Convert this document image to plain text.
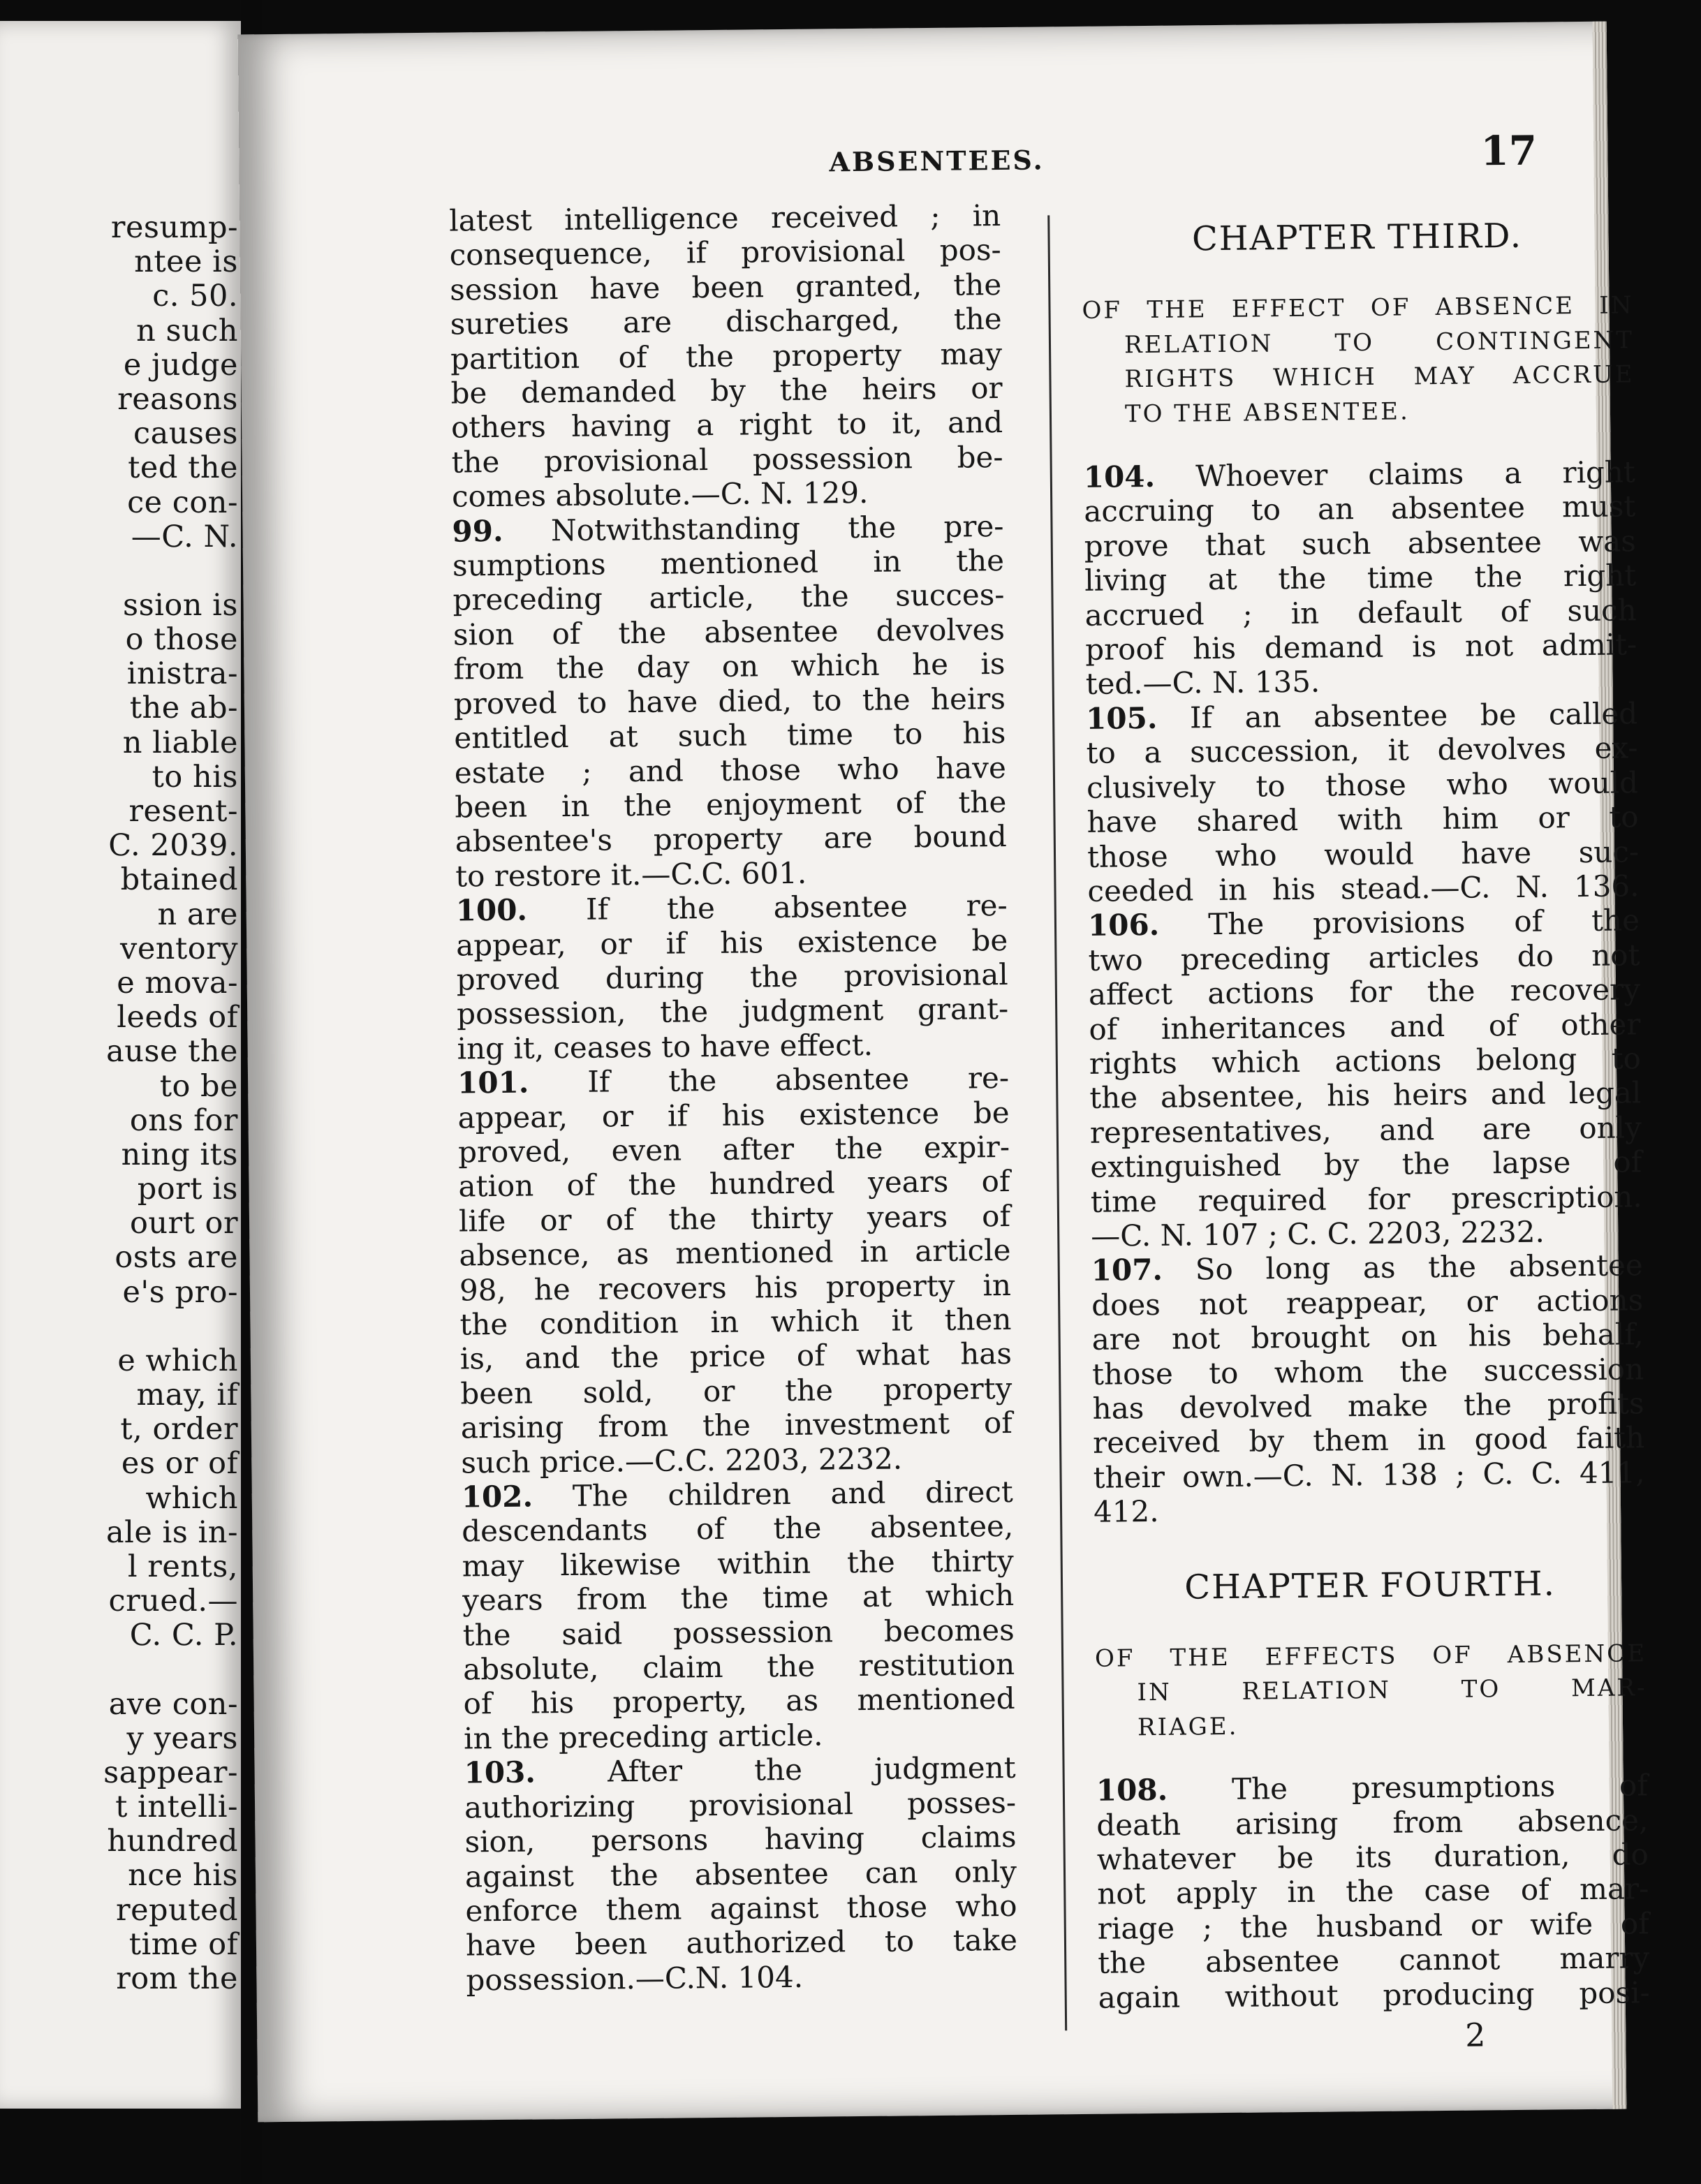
resump-
ntee is
c. 50.
n such
e judge
reasons
causes
ted the
ce con-
—C. N.
ssion is
o those
inistra-
the ab-
n liable
to his
resent-
C. 2039.
btained
n are
ventory
e mova-
leeds of
ause the
to be
ons for
ning its
port is
ourt or
osts are
e's pro-
e which
may, if
t, order
es or of
which
ale is in-
l rents,
crued.—
C. C. P.
ave con-
y years
sappear-
t intelli-
hundred
nce his
reputed
time of
rom the
ABSENTEES.	17

latest intelligence received ; in

consequence, if provisional pos-

session have been granted, the

sureties are discharged, the

partition of the property may

be demanded by the heirs or

others having a right to it, and

the provisional possession be-

comes absolute.—C. N. 129.

99. Notwithstanding the pre-

sumptions mentioned in the

preceding article, the succes-

sion of the absentee devolves

from the day on which he is

proved to have died, to the heirs

entitled at such time to his

estate ; and those who have

been in the enjoyment of the

absentee's property are bound

to restore it.—C.C. 601.

100. If the absentee re-

appear, or if his existence be

proved during the provisional

possession, the judgment grant-

ing it, ceases to have effect.

101. If the absentee re-

appear, or if his existence be

proved, even after the expir-

ation of the hundred years of

life or of the thirty years of

absence, as mentioned in article

98, he recovers his property in

the condition in which it then

is, and the price of what has

been sold, or the property

arising from the investment of

such price.—C.C. 2203, 2232.

102. The children and direct

descendants of the absentee,

may likewise within the thirty

years from the time at which

the said possession becomes

absolute, claim the restitution

of his property, as mentioned

in the preceding article.

103. After the judgment

authorizing provisional posses-

sion, persons having claims

against the absentee can only

enforce them against those who

have been authorized to take

possession.—C.N. 104.

CHAPTER THIRD.
OF THE EFFECT OF ABSENCE IN
RELATION TO CONTINGENT
RIGHTS WHICH MAY ACCRUE
TO THE ABSENTEE.

104. Whoever claims a right

accruing to an absentee must

prove that such absentee was

living at the time the right

accrued ; in default of such

proof his demand is not admit-

ted.—C. N. 135.

105. If an absentee be called

to a succession, it devolves ex-

clusively to those who would

have shared with him or to

those who would have suc-

ceeded in his stead.—C. N. 136.

106. The provisions of the

two preceding articles do not

affect actions for the recovery

of inheritances and of other

rights which actions belong to

the absentee, his heirs and legal

representatives, and are only

extinguished by the lapse of

time required for prescription.

—C. N. 107 ; C. C. 2203, 2232.

107. So long as the absentee

does not reappear, or actions

are not brought on his behalf,

those to whom the succession

has devolved make the profits

received by them in good faith

their own.—C. N. 138 ; C. C. 411,

412.

CHAPTER FOURTH.
OF THE EFFECTS OF ABSENCE
IN RELATION TO MAR-
RIAGE.

108. The presumptions of

death arising from absence,

whatever be its duration, do

not apply in the case of mar-

riage ; the husband or wife of

the absentee cannot marry

again without producing posi-

2
